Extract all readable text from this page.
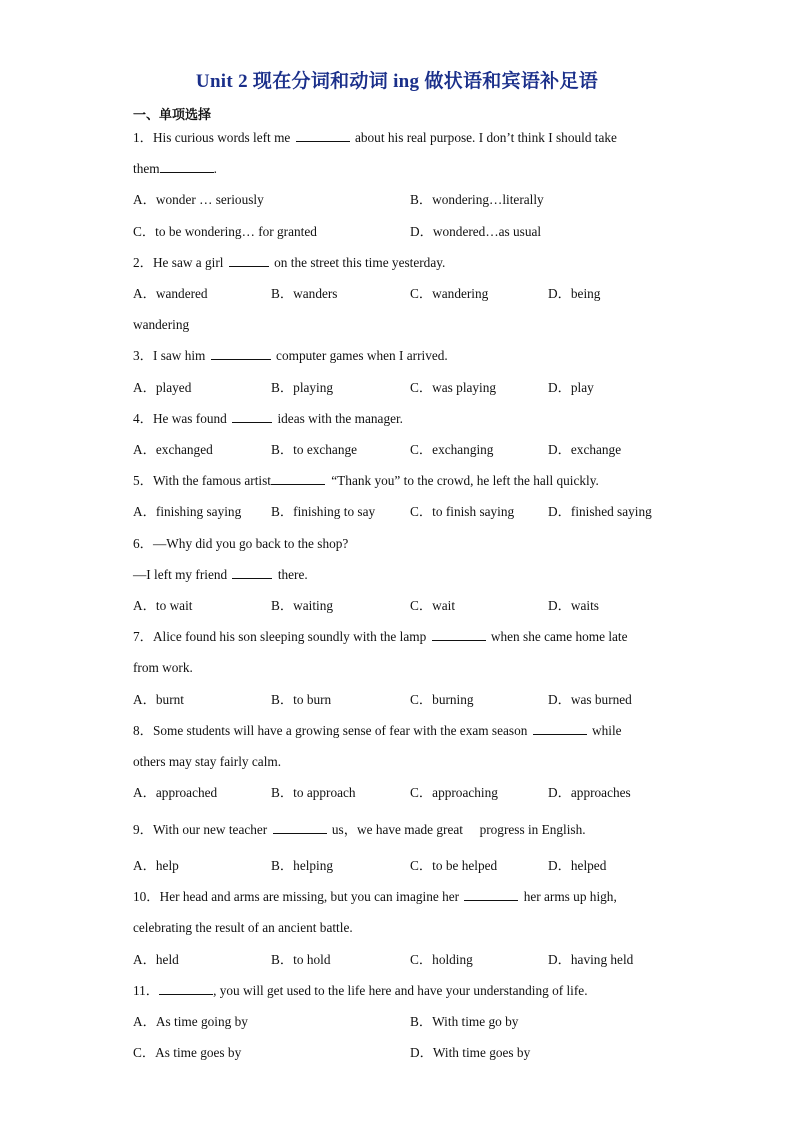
Unit 2 现在分词和动词 ing 做状语和宾语补足语
一、单项选择
1．His curious words left me	about his real purpose. I don’t think I should take
them	.
A．wonder … seriously	B．wondering…literally
C．to be wondering… for granted	D．wondered…as usual
2．He saw a girl	on the street this time yesterday.
A．wandered	B．wanders	C．wandering	D．being
wandering
3．I saw him	computer games when I arrived.
A．played	B．playing	C．was playing	D．play
4．He was found	ideas with the manager.
A．exchanged	B．to exchange	C．exchanging	D．exchange
5．With the famous artist	“Thank you” to the crowd, he left the hall quickly.
A．finishing saying B．finishing to say	C．to finish saying	D．finished saying
6．—Why did you go back to the shop?
—I left my friend	there.
A．to wait	B．waiting	C．wait	D．waits
7．Alice found his son sleeping soundly with the lamp	when she came home late
from work.
A．burnt	B．to burn	C．burning	D．was burned
8．Some students will have a growing sense of fear with the exam season	while
others may stay fairly calm.
A．approached	B．to approach	C．approaching	D．approaches
9．With our new teacher	us，we have made great     progress in English.
A．help	B．helping	C．to be helped	D．helped
10．Her head and arms are missing, but you can imagine her	her arms up high,
celebrating the result of an ancient battle.
A．held	B．to hold	C．holding	D．having held
11．	, you will get used to the life here and have your understanding of life.
A．As time going by	B．With time go by
C．As time goes by	D．With time goes by
